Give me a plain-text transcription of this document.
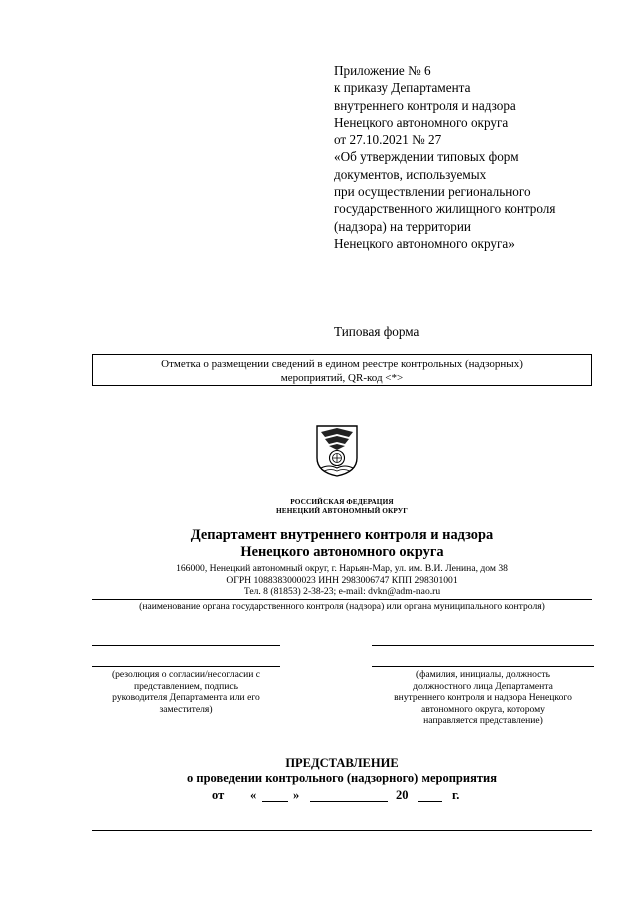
Приложение № 6
к приказу Департамента
внутреннего контроля и надзора
Ненецкого автономного округа
от 27.10.2021 № 27
«Об утверждении типовых форм
документов, используемых
при осуществлении регионального
государственного жилищного контроля
(надзора) на территории
Ненецкого автономного округа»
Типовая форма
Отметка о размещении сведений в едином реестре контрольных (надзорных)
мероприятий, QR-код <*>
РОССИЙСКАЯ ФЕДЕРАЦИЯ
НЕНЕЦКИЙ АВТОНОМНЫЙ ОКРУГ
Департамент внутреннего контроля и надзора
Ненецкого автономного округа
166000, Ненецкий автономный округ, г. Нарьян-Мар, ул. им. В.И. Ленина, дом 38
ОГРН 1088383000023 ИНН 2983006747 КПП 298301001
Тел. 8 (81853) 2-38-23; e-mail: dvkn@adm-nao.ru
(наименование органа государственного контроля (надзора) или органа муниципального контроля)
(резолюция о согласии/несогласии с
представлением, подпись
руководителя Департамента или его
заместителя)
(фамилия, инициалы, должность
должностного лица Департамента
внутреннего контроля и надзора Ненецкого
автономного округа, которому
направляется представление)
ПРЕДСТАВЛЕНИЕ
о проведении контрольного (надзорного) мероприятия
от «	»	20	г.
